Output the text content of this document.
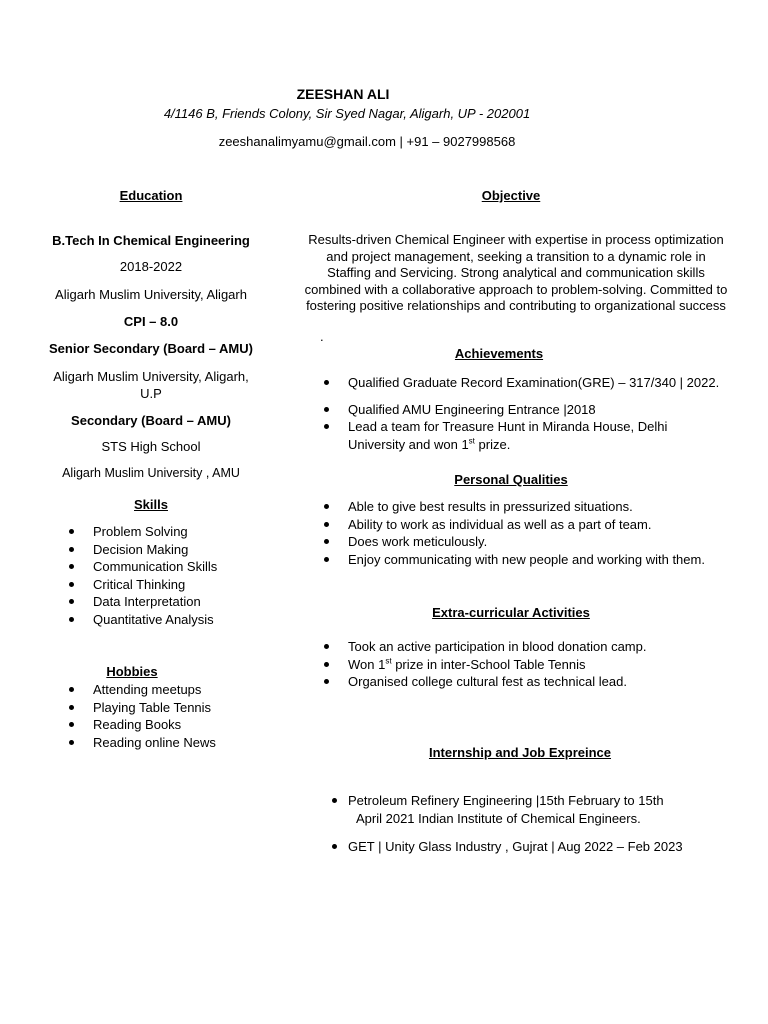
ZEESHAN ALI
4/1146 B, Friends Colony, Sir Syed Nagar, Aligarh, UP - 202001
zeeshanalimyamu@gmail.com | +91 – 9027998568
Education
B.Tech In Chemical Engineering
2018-2022
Aligarh Muslim University, Aligarh
CPI – 8.0
Senior Secondary (Board – AMU)
Aligarh Muslim University, Aligarh, U.P
Secondary (Board – AMU)
STS High School
Aligarh Muslim University , AMU
Skills
Problem Solving
Decision Making
Communication Skills
Critical Thinking
Data Interpretation
Quantitative Analysis
Hobbies
Attending meetups
Playing Table Tennis
Reading Books
Reading online News
Objective
Results-driven Chemical Engineer with expertise in process optimization and project management, seeking a transition to a dynamic role in Staffing and Servicing. Strong analytical and communication skills combined with a collaborative approach to problem-solving. Committed to fostering positive relationships and contributing to organizational success
.
Achievements
Qualified Graduate Record Examination(GRE) – 317/340 | 2022.
Qualified AMU Engineering Entrance |2018
Lead a team for Treasure Hunt in Miranda House, Delhi University and won 1st prize.
Personal Qualities
Able to give best results in pressurized situations.
Ability to work as individual as well as a part of team.
Does work meticulously.
Enjoy communicating with new people and working with them.
Extra-curricular Activities
Took an active participation in blood donation camp.
Won 1st prize in inter-School Table Tennis
Organised college cultural fest as technical lead.
Internship and Job Expreince
Petroleum Refinery Engineering |15th February to 15th
April 2021 Indian Institute of Chemical Engineers.
GET | Unity Glass Industry , Gujrat | Aug 2022 – Feb 2023
